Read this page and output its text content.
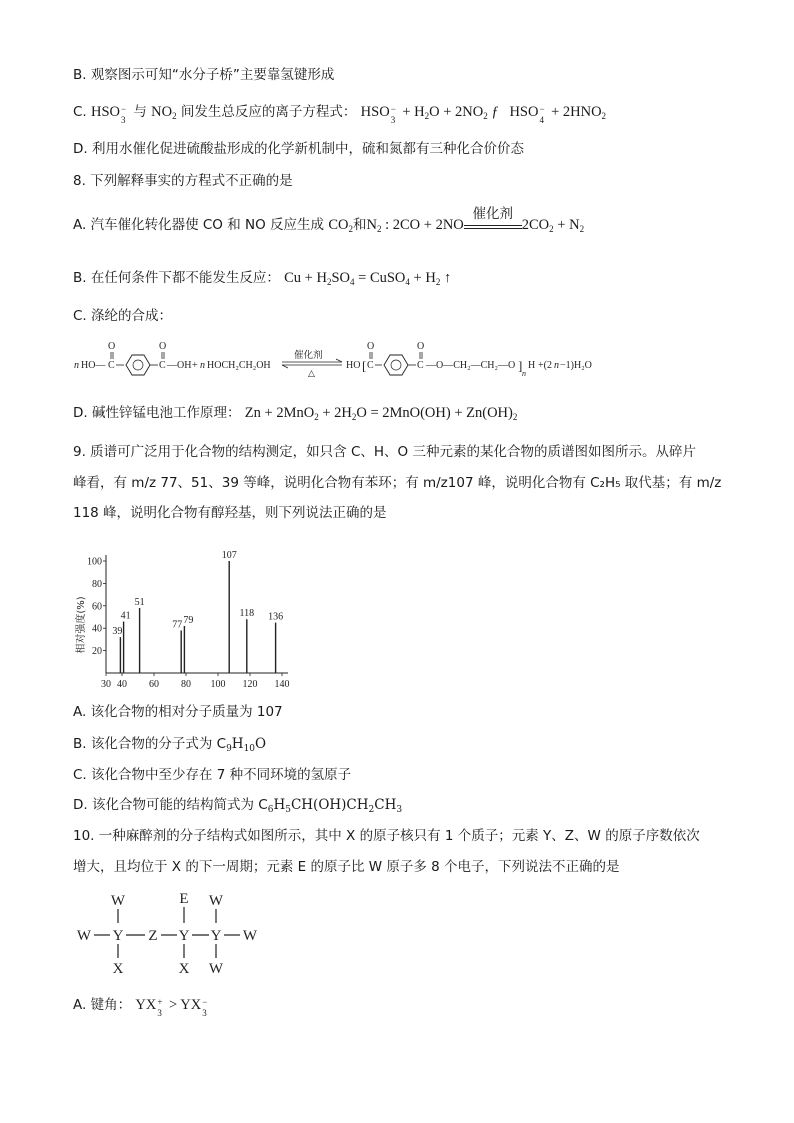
B. 观察图示可知“水分子桥”主要靠氢键形成
C. HSO −
3 与 $NO_2$ 间发生总反应的离子方程式： HSO −
$3 + H_2O + 2NO_2$ ƒ   HSO −
$4 + 2HNO_2$
D. 利用水催化促进硫酸盐形成的化学新机制中，硫和氮都有三种化合价价态
8. 下列解释事实的方程式不正确的是
A. 汽车催化转化器使 CO 和 NO 反应生成 $CO_2$和$N_2$ : 2CO + 2NO
催化剂
$2CO_2 + N_2$
B. 在任何条件下都不能发生反应： $Cu + H_2SO_4$ = CuSO$_4$ + $H_2$ ↑
C. 涤纶的合成：
n HO— C
O
C
O
—OH + n HOCH₂CH₂OH
催化剂
△
HO [ C
O
C
O
—O—CH₂—CH₂—O ]
n
H +(2 n −1)H₂O
D. 碱性锌锰电池工作原理： $Zn + 2MnO_2 + 2H_2O = 2MnO(OH) + Zn(OH)_2$
9. 质谱可广泛用于化合物的结构测定，如只含 C、H、O 三种元素的某化合物的质谱图如图所示。从碎片
峰看，有 m/z 77、51、39 等峰，说明化合物有苯环；有 m/z107 峰，说明化合物有 C₂H₅ 取代基；有 m/z
118 峰，说明化合物有醇羟基，则下列说法正确的是
30 40 60 80 100 120 140
20
40
60
80
100
39
41
51
77 79
107
118 136
相对强度(%)
A. 该化合物的相对分子质量为 107
B. 该化合物的分子式为 $C_9H_{10}O$
C. 该化合物中至少存在 7 种不同环境的氢原子
D. 该化合物可能的结构简式为 $C_6H_5CH(OH)CH_2CH_3$
10. 一种麻醉剂的分子结构式如图所示，其中 X 的原子核只有 1 个质子；元素 Y、Z、W 的原子序数依次
增大，且均位于 X 的下一周期；元素 E 的原子比 W 原子多 8 个电子，下列说法不正确的是
W	E W
W Y Z Y Y W
X	X W
A. 键角： YX +
3 > YX −
3
